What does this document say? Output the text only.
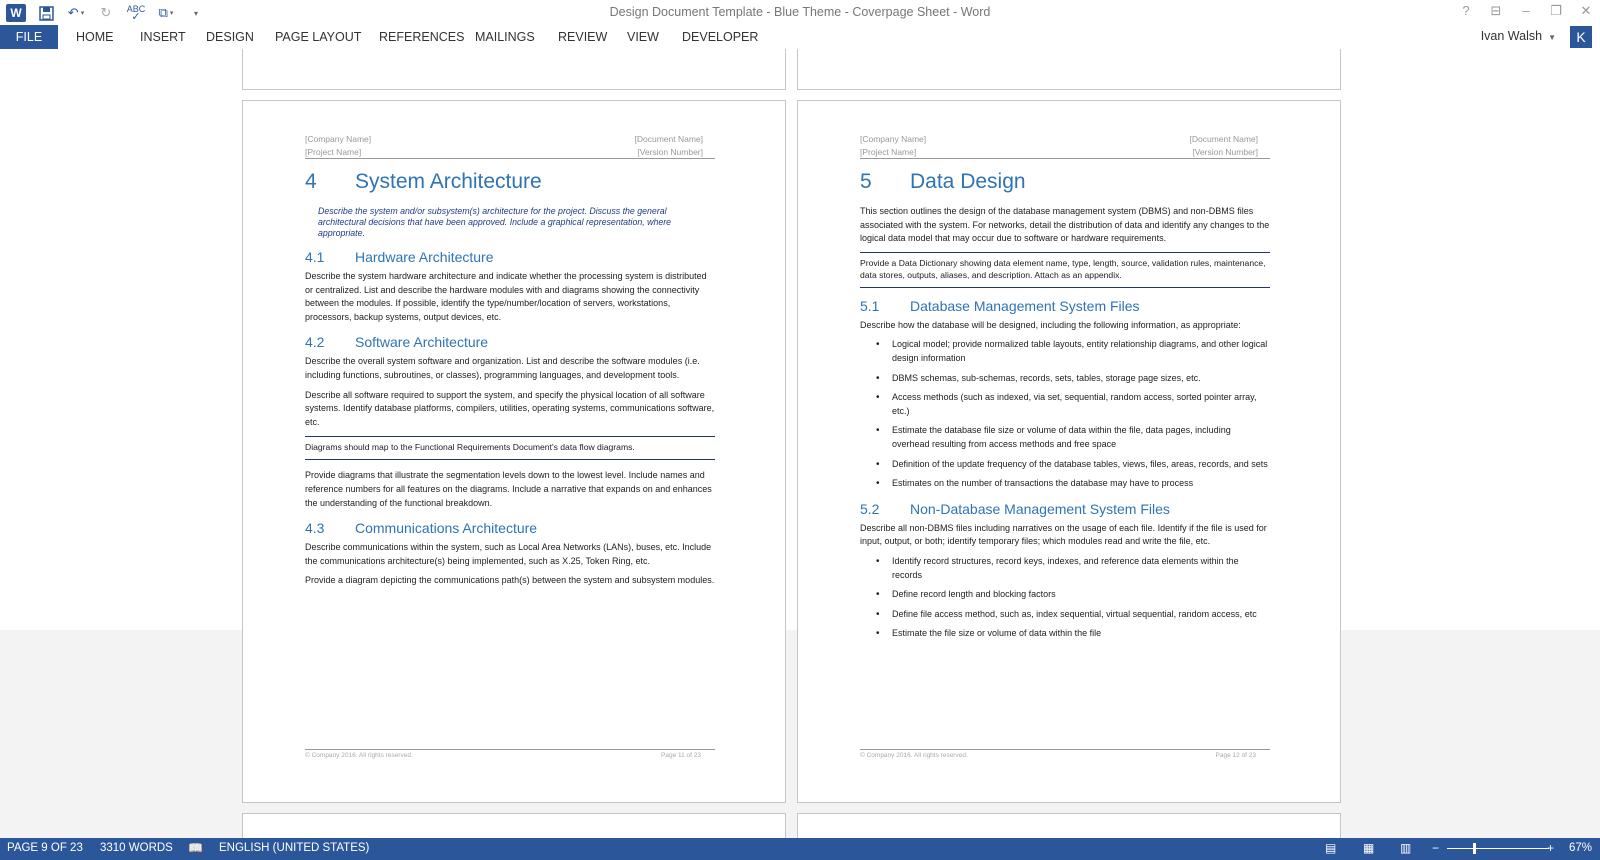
W	↶ ▾	↻	ABC
✓ ⧉ ▾	▾	Design Document Template - Blue Theme - Coverpage Sheet - Word	?	⊟	–	❐ ✕
FILE	HOME INSERT DESIGN PAGE LAYOUT REFERENCES MAILINGS REVIEW VIEW DEVELOPER	Ivan Walsh ▼	K
[Company Name]
[Project Name]
[Document Name]
[Version Number]
4	System Architecture
Describe the system and/or subsystem(s) architecture for the project. Discuss the general architectural decisions that have been approved. Include a graphical representation, where appropriate.
4.1	Hardware Architecture
Describe the system hardware architecture and indicate whether the processing system is distributed or centralized. List and describe the hardware modules with and diagrams showing the connectivity between the modules. If possible, identify the type/number/location of servers, workstations, processors, backup systems, output devices, etc.
4.2	Software Architecture
Describe the overall system software and organization. List and describe the software modules (i.e. including functions, subroutines, or classes), programming languages, and development tools.
Describe all software required to support the system, and specify the physical location of all software systems. Identify database platforms, compilers, utilities, operating systems, communications software, etc.
Diagrams should map to the Functional Requirements Document's data flow diagrams.
Provide diagrams that illustrate the segmentation levels down to the lowest level. Include names and reference numbers for all features on the diagrams. Include a narrative that expands on and enhances the understanding of the functional breakdown.
4.3	Communications Architecture
Describe communications within the system, such as Local Area Networks (LANs), buses, etc. Include the communications architecture(s) being implemented, such as X.25, Token Ring, etc.
Provide a diagram depicting the communications path(s) between the system and subsystem modules.
© Company 2016. All rights reserved.	Page 11 of 23
[Company Name]
[Project Name]
[Document Name]
[Version Number]
5	Data Design
This section outlines the design of the database management system (DBMS) and non-DBMS files associated with the system. For networks, detail the distribution of data and identify any changes to the logical data model that may occur due to software or hardware requirements.
Provide a Data Dictionary showing data element name, type, length, source, validation rules, maintenance, data stores, outputs, aliases, and description. Attach as an appendix.
5.1	Database Management System Files
Describe how the database will be designed, including the following information, as appropriate:
• Logical model; provide normalized table layouts, entity relationship diagrams, and other logical design information
• DBMS schemas, sub-schemas, records, sets, tables, storage page sizes, etc.
• Access methods (such as indexed, via set, sequential, random access, sorted pointer array, etc.)
• Estimate the database file size or volume of data within the file, data pages, including overhead resulting from access methods and free space
• Definition of the update frequency of the database tables, views, files, areas, records, and sets
• Estimates on the number of transactions the database may have to process
5.2	Non-Database Management System Files
Describe all non-DBMS files including narratives on the usage of each file. Identify if the file is used for input, output, or both; identify temporary files; which modules read and write the file, etc.
• Identify record structures, record keys, indexes, and reference data elements within the records
• Define record length and blocking factors
• Define file access method, such as, index sequential, virtual sequential, random access, etc
• Estimate the file size or volume of data within the file
© Company 2016. All rights reserved.	Page 12 of 23
PAGE 9 OF 23 3310 WORDS 📖 ENGLISH (UNITED STATES)	▤ ▦ ▥ −	+ 67%
